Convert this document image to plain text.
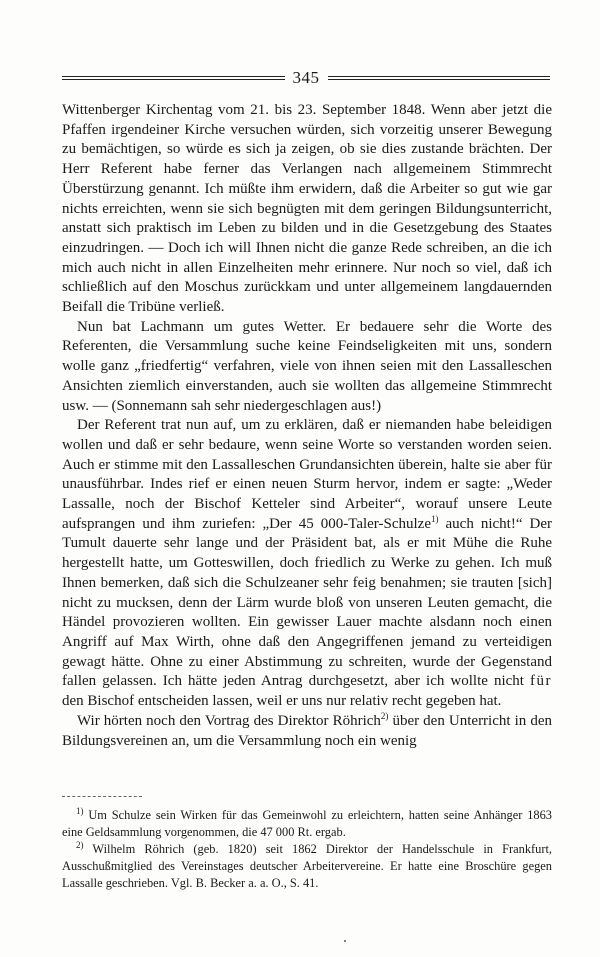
345

Wittenberger Kirchentag vom 21. bis 23. September 1848. Wenn aber jetzt die Pfaffen irgendeiner Kirche versuchen würden, sich vorzeitig unserer Bewegung zu bemächtigen, so würde es sich ja zeigen, ob sie dies zustande brächten. Der Herr Referent habe ferner das Verlangen nach allgemeinem Stimmrecht Überstürzung genannt. Ich müßte ihm erwidern, daß die Arbeiter so gut wie gar nichts erreichten, wenn sie sich begnügten mit dem geringen Bildungsunterricht, anstatt sich praktisch im Leben zu bilden und in die Gesetzgebung des Staates einzudringen. — Doch ich will Ihnen nicht die ganze Rede schreiben, an die ich mich auch nicht in allen Einzelheiten mehr erinnere. Nur noch so viel, daß ich schließlich auf den Moschus zurückkam und unter allgemeinem langdauernden Beifall die Tribüne verließ.

Nun bat Lachmann um gutes Wetter. Er bedauere sehr die Worte des Referenten, die Versammlung suche keine Feindseligkeiten mit uns, sondern wolle ganz „friedfertig“ verfahren, viele von ihnen seien mit den Lassalleschen Ansichten ziemlich einverstanden, auch sie wollten das allgemeine Stimmrecht usw. — (Sonnemann sah sehr niedergeschlagen aus!)

Der Referent trat nun auf, um zu erklären, daß er niemanden habe beleidigen wollen und daß er sehr bedaure, wenn seine Worte so verstanden worden seien. Auch er stimme mit den Lassalleschen Grundansichten überein, halte sie aber für unausführbar. Indes rief er einen neuen Sturm hervor, indem er sagte: „Weder Lassalle, noch der Bischof Ketteler sind Arbeiter“, worauf unsere Leute aufsprangen und ihm zuriefen: „Der 45 000-Taler-Schulze$^{1)}$ auch nicht!“ Der Tumult dauerte sehr lange und der Präsident bat, als er mit Mühe die Ruhe hergestellt hatte, um Gotteswillen, doch friedlich zu Werke zu gehen. Ich muß Ihnen bemerken, daß sich die Schulzeaner sehr feig benahmen; sie trauten [sich] nicht zu mucksen, denn der Lärm wurde bloß von unseren Leuten gemacht, die Händel provozieren wollten. Ein gewisser Lauer machte alsdann noch einen Angriff auf Max Wirth, ohne daß den Angegriffenen jemand zu verteidigen gewagt hätte. Ohne zu einer Abstimmung zu schreiten, wurde der Gegenstand fallen gelassen. Ich hätte jeden Antrag durchgesetzt, aber ich wollte nicht für den Bischof entscheiden lassen, weil er uns nur relativ recht gegeben hat.

Wir hörten noch den Vortrag des Direktor Röhrich$^{2)}$ über den Unterricht in den Bildungsvereinen an, um die Versammlung noch ein wenig

$^{1)}$ Um Schulze sein Wirken für das Gemeinwohl zu erleichtern, hatten seine Anhänger 1863 eine Geldsammlung vorgenommen, die 47 000 Rt. ergab.

$^{2)}$ Wilhelm Röhrich (geb. 1820) seit 1862 Direktor der Handelsschule in Frankfurt, Ausschußmitglied des Vereinstages deutscher Arbeitervereine. Er hatte eine Broschüre gegen Lassalle geschrieben. Vgl. B. Becker a. a. O., S. 41.
